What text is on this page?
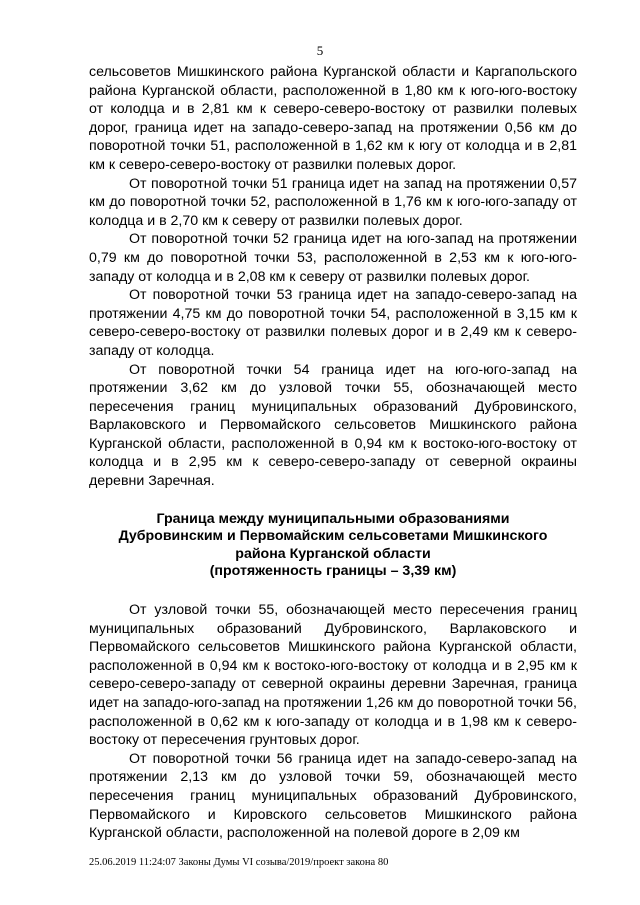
5

сельсоветов Мишкинского района Курганской области и Каргапольского района Курганской области, расположенной в 1,80 км к юго-юго-востоку от колодца и в 2,81 км к северо-северо-востоку от развилки полевых дорог, граница идет на западо-северо-запад на протяжении 0,56 км до поворотной точки 51, расположенной в 1,62 км к югу от колодца и в 2,81 км к северо-северо-востоку от развилки полевых дорог.

От поворотной точки 51 граница идет на запад на протяжении 0,57 км до поворотной точки 52, расположенной в 1,76 км к юго-юго-западу от колодца и в 2,70 км к северу от развилки полевых дорог.

От поворотной точки 52 граница идет на юго-запад на протяжении 0,79 км до поворотной точки 53, расположенной в 2,53 км к юго-юго-западу от колодца и в 2,08 км к северу от развилки полевых дорог.

От поворотной точки 53 граница идет на западо-северо-запад на протяжении 4,75 км до поворотной точки 54, расположенной в 3,15 км к северо-северо-востоку от развилки полевых дорог и в 2,49 км к северо-западу от колодца.

От поворотной точки 54 граница идет на юго-юго-запад на протяжении 3,62 км до узловой точки 55, обозначающей место пересечения границ муниципальных образований Дубровинского, Варлаковского и Первомайского сельсоветов Мишкинского района Курганской области, расположенной в 0,94 км к востоко-юго-востоку от колодца и в 2,95 км к северо-северо-западу от северной окраины деревни Заречная.

Граница между муниципальными образованиями
Дубровинским и Первомайским сельсоветами Мишкинского
района Курганской области
(протяженность границы – 3,39 км)

От узловой точки 55, обозначающей место пересечения границ муниципальных образований Дубровинского, Варлаковского и Первомайского сельсоветов Мишкинского района Курганской области, расположенной в 0,94 км к востоко-юго-востоку от колодца и в 2,95 км к северо-северо-западу от северной окраины деревни Заречная, граница идет на западо-юго-запад на протяжении 1,26 км до поворотной точки 56, расположенной в 0,62 км к юго-западу от колодца и в 1,98 км к северо-востоку от пересечения грунтовых дорог.

От поворотной точки 56 граница идет на западо-северо-запад на протяжении 2,13 км до узловой точки 59, обозначающей место пересечения границ муниципальных образований Дубровинского, Первомайского и Кировского сельсоветов Мишкинского района Курганской области, расположенной на полевой дороге в 2,09 км

25.06.2019 11:24:07 Законы Думы VI созыва/2019/проект закона 80
